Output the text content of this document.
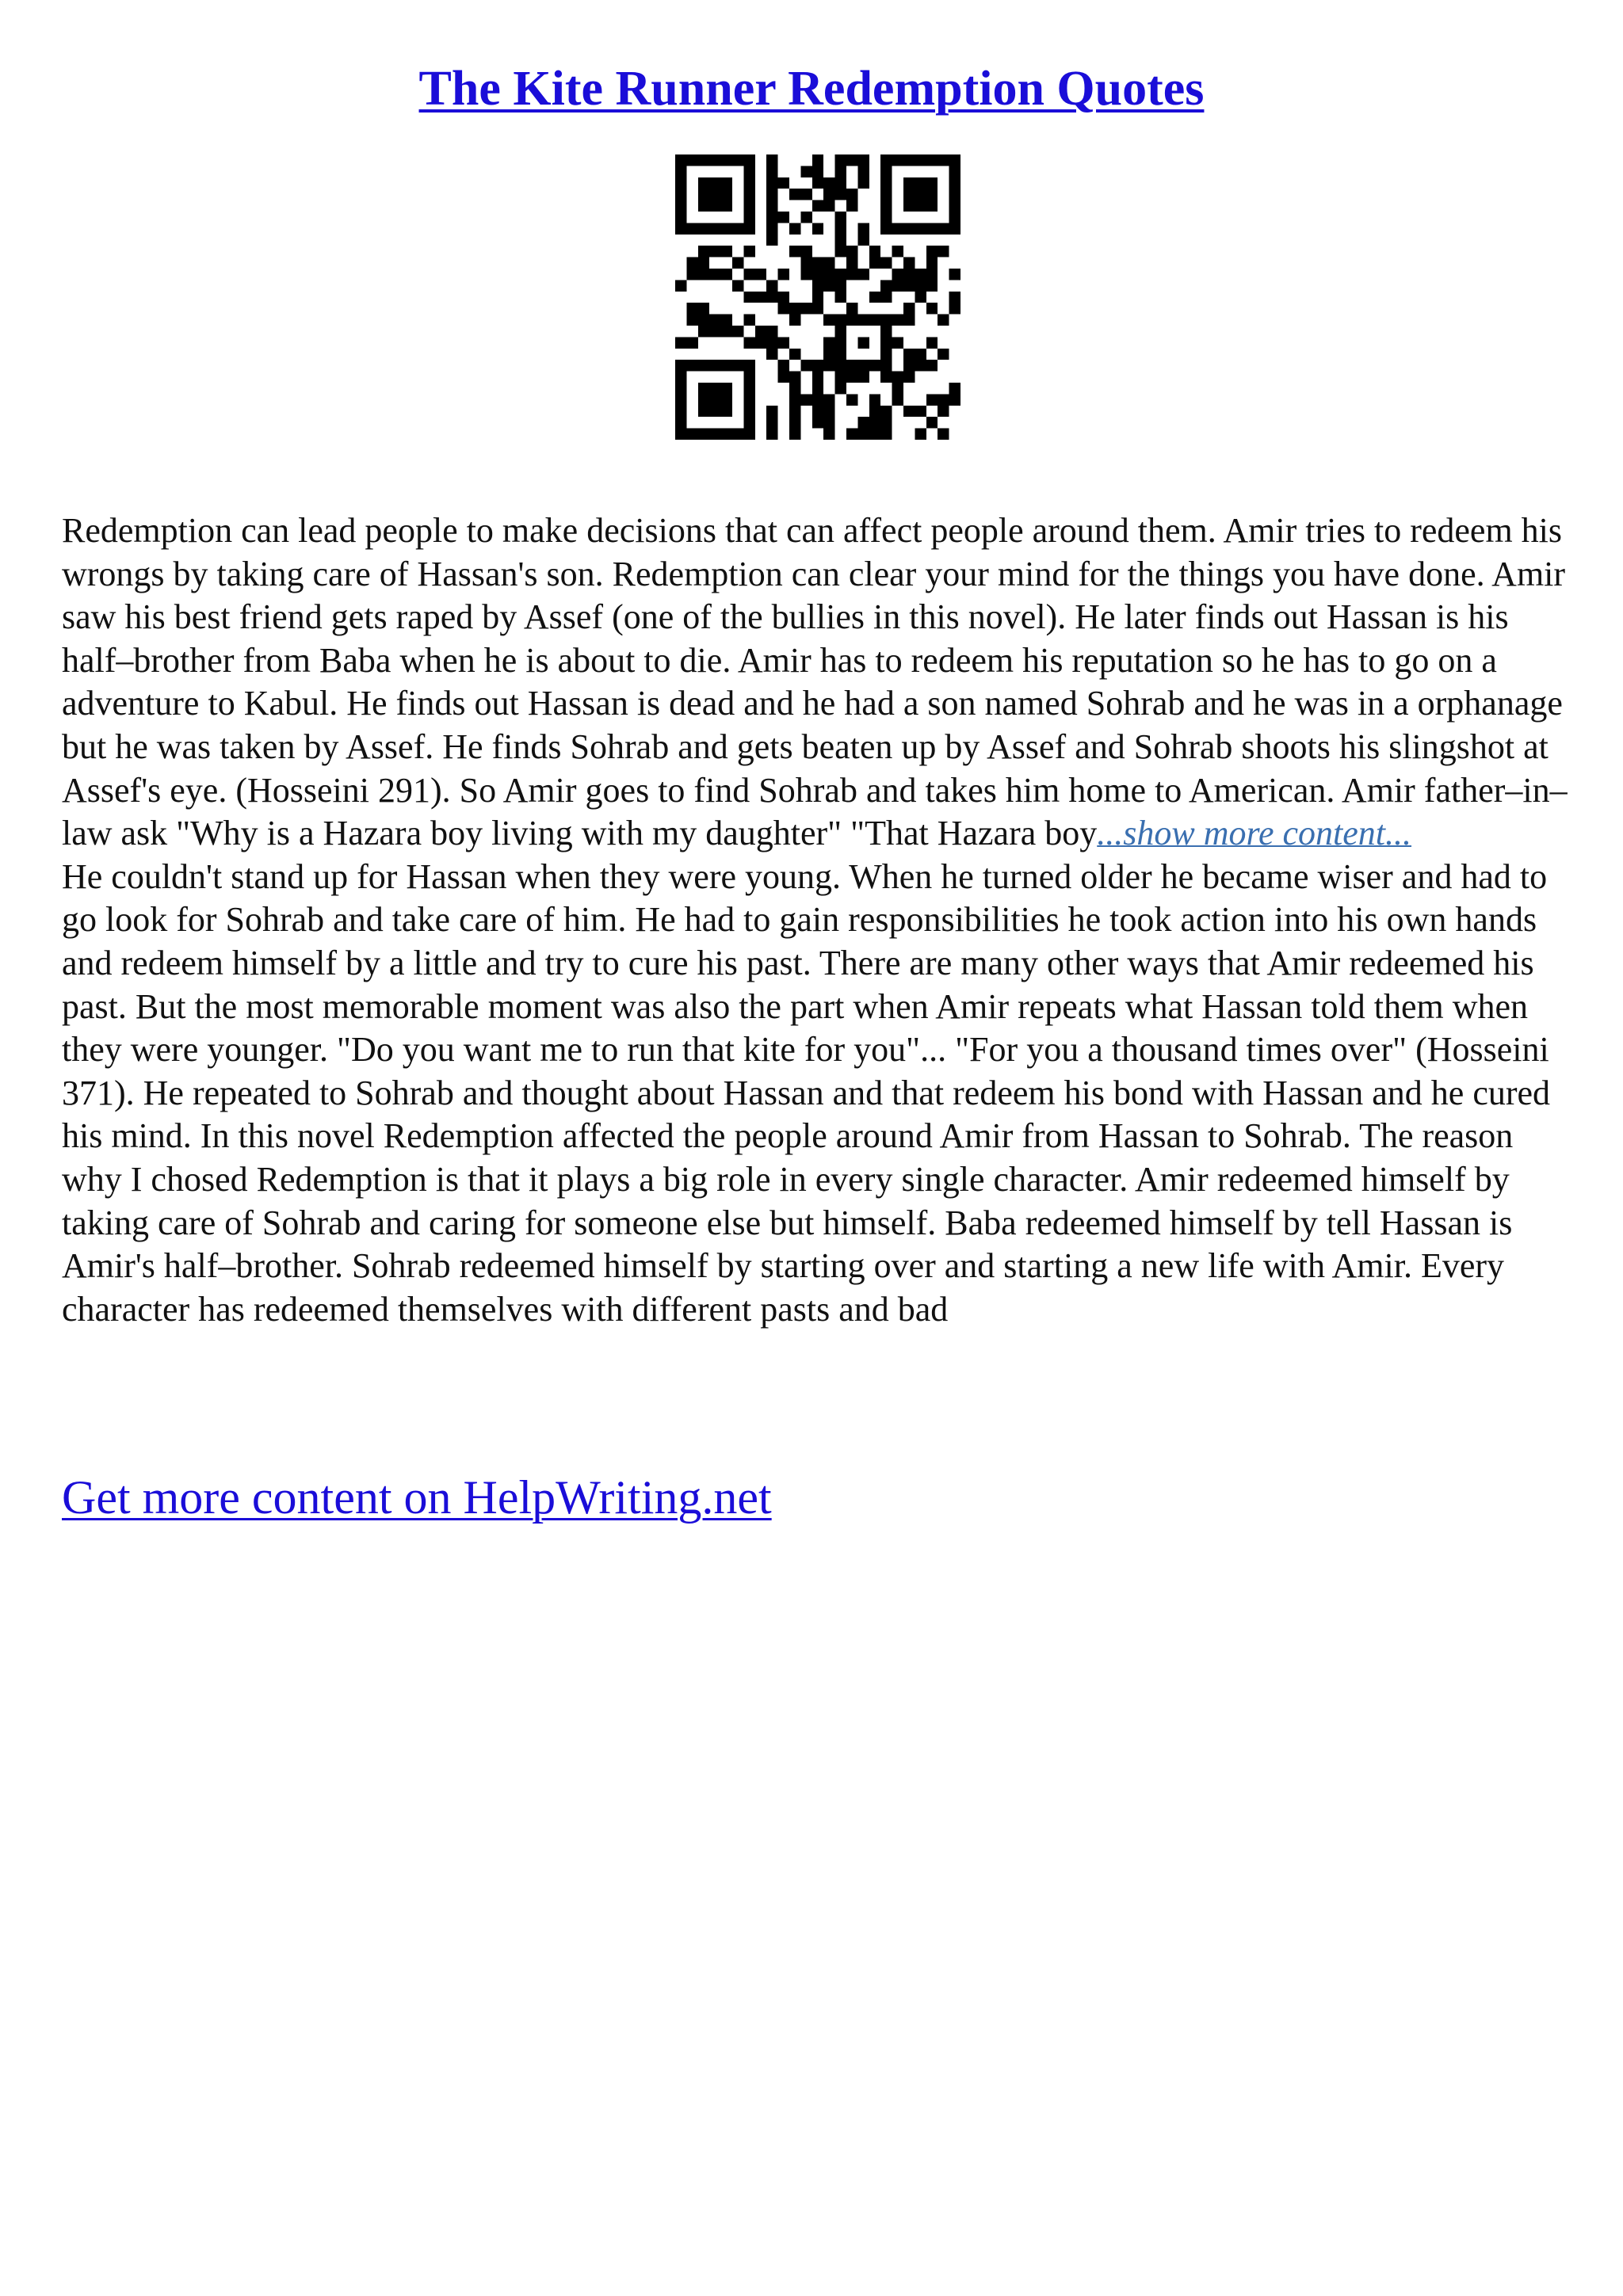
The Kite Runner Redemption Quotes

Redemption can lead people to make decisions that can affect people around them. Amir tries to redeem his wrongs by taking care of Hassan's son. Redemption can clear your mind for the things you have done. Amir saw his best friend gets raped by Assef (one of the bullies in this novel). He later finds out Hassan is his half–brother from Baba when he is about to die. Amir has to redeem his reputation so he has to go on a adventure to Kabul. He finds out Hassan is dead and he had a son named Sohrab and he was in a orphanage but he was taken by Assef. He finds Sohrab and gets beaten up by Assef and Sohrab shoots his slingshot at Assef's eye. (Hosseini 291). So Amir goes to find Sohrab and takes him home to American. Amir father–in–law ask "Why is a Hazara boy living with my daughter" "That Hazara boy...show more content...

He couldn't stand up for Hassan when they were young. When he turned older he became wiser and had to go look for Sohrab and take care of him. He had to gain responsibilities he took action into his own hands and redeem himself by a little and try to cure his past. There are many other ways that Amir redeemed his past. But the most memorable moment was also the part when Amir repeats what Hassan told them when they were younger. "Do you want me to run that kite for you"... "For you a thousand times over" (Hosseini 371). He repeated to Sohrab and thought about Hassan and that redeem his bond with Hassan and he cured his mind. In this novel Redemption affected the people around Amir from Hassan to Sohrab. The reason why I chosed Redemption is that it plays a big role in every single character. Amir redeemed himself by taking care of Sohrab and caring for someone else but himself. Baba redeemed himself by tell Hassan is Amir's half–brother. Sohrab redeemed himself by starting over and starting a new life with Amir. Every character has redeemed themselves with different pasts and bad

Get more content on HelpWriting.net
